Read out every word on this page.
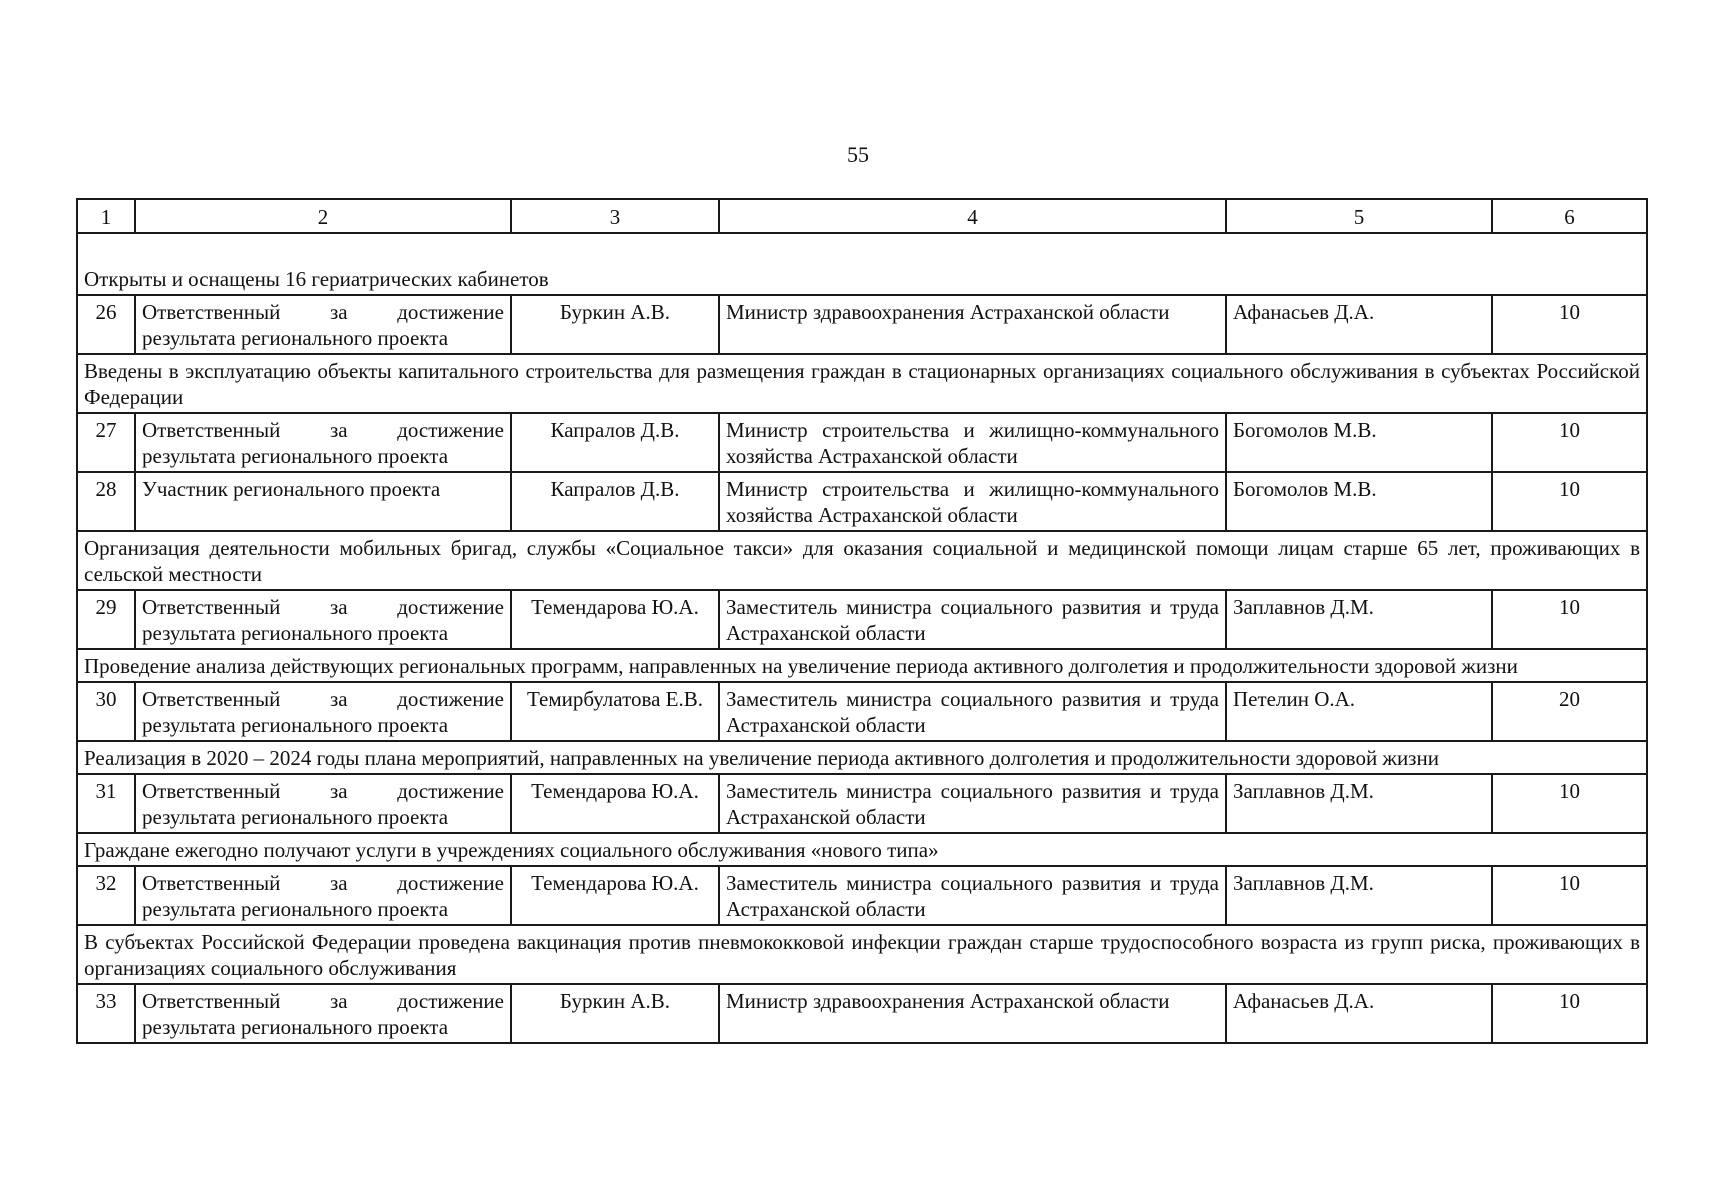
55
1	2	3	4	5	6
Открыты и оснащены 16 гериатрических кабинетов					
26	Ответственный за достижение результата регионального проекта	Буркин А.В.	Министр здравоохранения Астраханской области	Афанасьев Д.А.	10
Введены в эксплуатацию объекты капитального строительства для размещения граждан в стационарных организациях социального обслуживания в субъектах Российской Федерации					
27	Ответственный за достижение результата регионального проекта	Капралов Д.В.	Министр строительства и жилищно-коммунального хозяйства Астраханской области	Богомолов М.В.	10
28	Участник регионального проекта	Капралов Д.В.	Министр строительства и жилищно-коммунального хозяйства Астраханской области	Богомолов М.В.	10
Организация деятельности мобильных бригад, службы «Социальное такси» для оказания социальной и медицинской помощи лицам старше 65 лет, проживающих в сельской местности					
29	Ответственный за достижение результата регионального проекта	Темендарова Ю.А.	Заместитель министра социального развития и труда Астраханской области	Заплавнов Д.М.	10
Проведение анализа действующих региональных программ, направленных на увеличение периода активного долголетия и продолжительности здоровой жизни					
30	Ответственный за достижение результата регионального проекта	Темирбулатова Е.В.	Заместитель министра социального развития и труда Астраханской области	Петелин О.А.	20
Реализация в 2020 – 2024 годы плана мероприятий, направленных на увеличение периода активного долголетия и продолжительности здоровой жизни					
31	Ответственный за достижение результата регионального проекта	Темендарова Ю.А.	Заместитель министра социального развития и труда Астраханской области	Заплавнов Д.М.	10
Граждане ежегодно получают услуги в учреждениях социального обслуживания «нового типа»					
32	Ответственный за достижение результата регионального проекта	Темендарова Ю.А.	Заместитель министра социального развития и труда Астраханской области	Заплавнов Д.М.	10
В субъектах Российской Федерации проведена вакцинация против пневмококковой инфекции граждан старше трудоспособного возраста из групп риска, проживающих в организациях социального обслуживания					
33	Ответственный за достижение результата регионального проекта	Буркин А.В.	Министр здравоохранения Астраханской области	Афанасьев Д.А.	10
